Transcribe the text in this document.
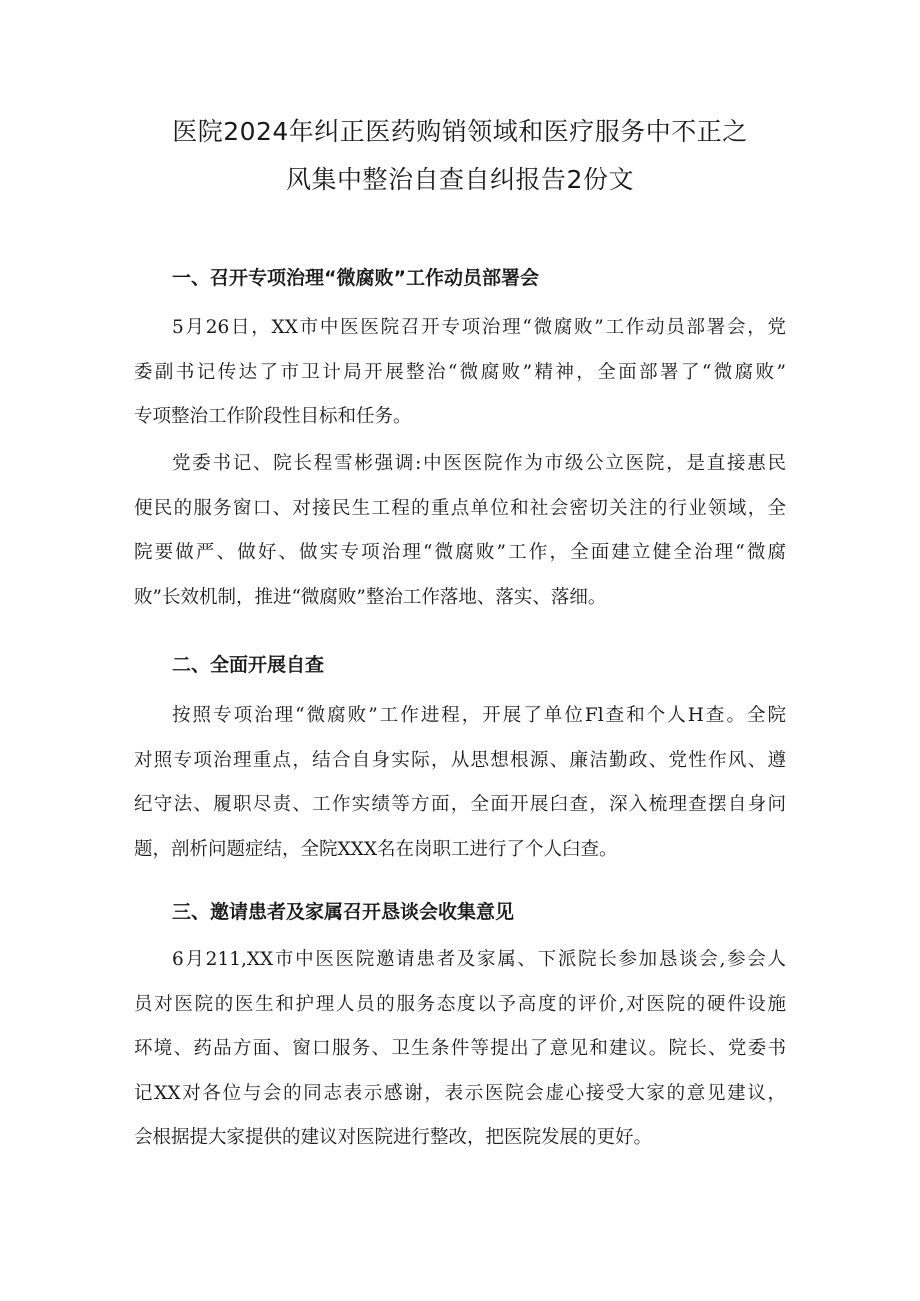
医院2024年纠正医药购销领域和医疗服务中不正之
风集中整治自查自纠报告2份文
一、召开专项治理“微腐败”工作动员部署会

5月26日，XX市中医医院召开专项治理“微腐败”工作动员部署会，党
委副书记传达了市卫计局开展整治“微腐败”精神，全面部署了“微腐败”
专项整治工作阶段性目标和任务。

党委书记、院长程雪彬强调:中医医院作为市级公立医院，是直接惠民
便民的服务窗口、对接民生工程的重点单位和社会密切关注的行业领域，全
院要做严、做好、做实专项治理“微腐败”工作，全面建立健全治理“微腐
败”长效机制，推进“微腐败”整治工作落地、落实、落细。

二、全面开展自查

按照专项治理“微腐败”工作进程，开展了单位Fl查和个人H查。全院
对照专项治理重点，结合自身实际，从思想根源、廉洁勤政、党性作风、遵
纪守法、履职尽责、工作实绩等方面，全面开展臼查，深入梳理查摆自身问
题，剖析问题症结，全院XXX名在岗职工进行了个人臼查。

三、邀请患者及家属召开恳谈会收集意见

6月211,XX市中医医院邀请患者及家属、下派院长参加恳谈会,参会人
员对医院的医生和护理人员的服务态度以予高度的评价,对医院的硬件设施
环境、药品方面、窗口服务、卫生条件等提出了意见和建议。院长、党委书
记XX对各位与会的同志表示感谢，表示医院会虚心接受大家的意见建议，
会根据提大家提供的建议对医院进行整改，把医院发展的更好。
